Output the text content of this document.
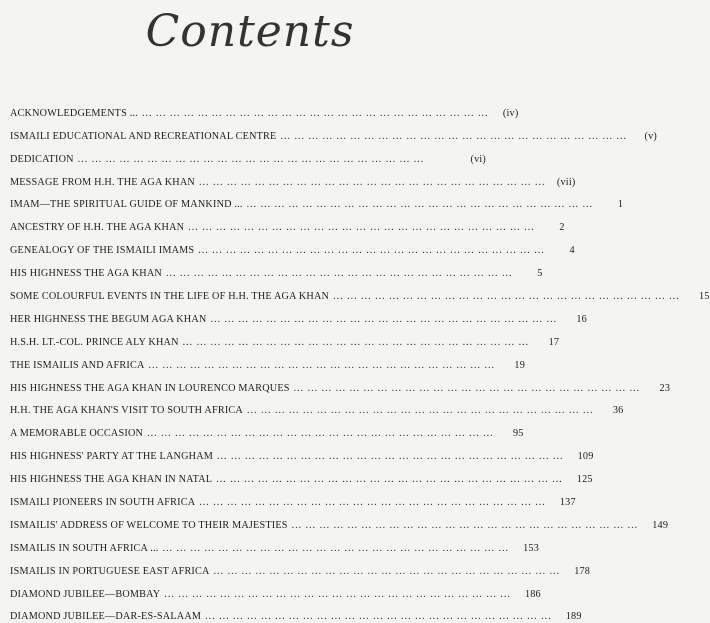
Contents
ACKNOWLEDGEMENTS ... ... ... ... ... ... ... ... ... ... ... ... ... ... ... ... ... ... ... ... ... ... ... ... ... ...	(iv)
ISMAILI EDUCATIONAL AND RECREATIONAL CENTRE ... ... ... ... ... ... ... ... ... ... ... ... ... ... ... ... ... ... ... ... ... ... ... ... ...	(v)
DEDICATION ... ... ... ... ... ... ... ... ... ... ... ... ... ... ... ... ... ... ... ... ... ... ... ... ...	(vi)
MESSAGE FROM H.H. THE AGA KHAN ... ... ... ... ... ... ... ... ... ... ... ... ... ... ... ... ... ... ... ... ... ... ... ... ...	(vii)
IMAM—THE SPIRITUAL GUIDE OF MANKIND ... ... ... ... ... ... ... ... ... ... ... ... ... ... ... ... ... ... ... ... ... ... ... ... ... ...	1
ANCESTRY OF H.H. THE AGA KHAN ... ... ... ... ... ... ... ... ... ... ... ... ... ... ... ... ... ... ... ... ... ... ... ... ...	2
GENEALOGY OF THE ISMAILI IMAMS ... ... ... ... ... ... ... ... ... ... ... ... ... ... ... ... ... ... ... ... ... ... ... ... ...	4
HIS HIGHNESS THE AGA KHAN ... ... ... ... ... ... ... ... ... ... ... ... ... ... ... ... ... ... ... ... ... ... ... ... ...	5
SOME COLOURFUL EVENTS IN THE LIFE OF H.H. THE AGA KHAN ... ... ... ... ... ... ... ... ... ... ... ... ... ... ... ... ... ... ... ... ... ... ... ... ...	15
HER HIGHNESS THE BEGUM AGA KHAN ... ... ... ... ... ... ... ... ... ... ... ... ... ... ... ... ... ... ... ... ... ... ... ... ...	16
H.S.H. LT.-COL. PRINCE ALY KHAN ... ... ... ... ... ... ... ... ... ... ... ... ... ... ... ... ... ... ... ... ... ... ... ... ...	17
THE ISMAILIS AND AFRICA ... ... ... ... ... ... ... ... ... ... ... ... ... ... ... ... ... ... ... ... ... ... ... ... ...	19
HIS HIGHNESS THE AGA KHAN IN LOURENCO MARQUES ... ... ... ... ... ... ... ... ... ... ... ... ... ... ... ... ... ... ... ... ... ... ... ... ...	23
H.H. THE AGA KHAN'S VISIT TO SOUTH AFRICA ... ... ... ... ... ... ... ... ... ... ... ... ... ... ... ... ... ... ... ... ... ... ... ... ...	36
A MEMORABLE OCCASION ... ... ... ... ... ... ... ... ... ... ... ... ... ... ... ... ... ... ... ... ... ... ... ... ...	95
HIS HIGHNESS' PARTY AT THE LANGHAM ... ... ... ... ... ... ... ... ... ... ... ... ... ... ... ... ... ... ... ... ... ... ... ... ...	109
HIS HIGHNESS THE AGA KHAN IN NATAL ... ... ... ... ... ... ... ... ... ... ... ... ... ... ... ... ... ... ... ... ... ... ... ... ...	125
ISMAILI PIONEERS IN SOUTH AFRICA ... ... ... ... ... ... ... ... ... ... ... ... ... ... ... ... ... ... ... ... ... ... ... ... ...	137
ISMAILIS' ADDRESS OF WELCOME TO THEIR MAJESTIES ... ... ... ... ... ... ... ... ... ... ... ... ... ... ... ... ... ... ... ... ... ... ... ... ...	149
ISMAILIS IN SOUTH AFRICA ... ... ... ... ... ... ... ... ... ... ... ... ... ... ... ... ... ... ... ... ... ... ... ... ... ...	153
ISMAILIS IN PORTUGUESE EAST AFRICA ... ... ... ... ... ... ... ... ... ... ... ... ... ... ... ... ... ... ... ... ... ... ... ... ...	178
DIAMOND JUBILEE—BOMBAY ... ... ... ... ... ... ... ... ... ... ... ... ... ... ... ... ... ... ... ... ... ... ... ... ...	186
DIAMOND JUBILEE—DAR-ES-SALAAM ... ... ... ... ... ... ... ... ... ... ... ... ... ... ... ... ... ... ... ... ... ... ... ... ...	189
